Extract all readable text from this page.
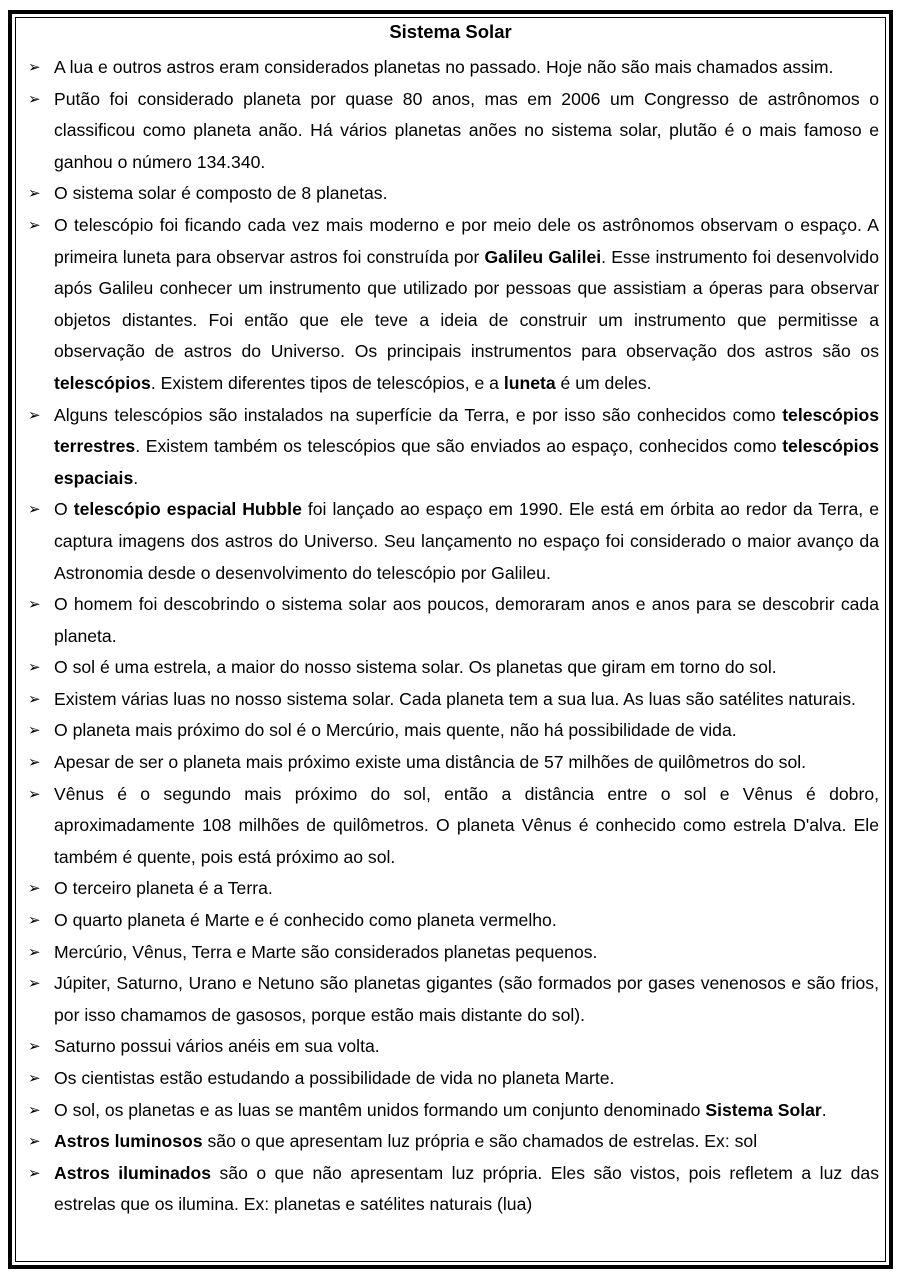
Sistema Solar
➢ A lua e outros astros eram considerados planetas no passado. Hoje não são mais chamados assim.
➢ Putão foi considerado planeta por quase 80 anos, mas em 2006 um Congresso de astrônomos o classificou como planeta anão. Há vários planetas anões no sistema solar, plutão é o mais famoso e ganhou o número 134.340.
➢ O sistema solar é composto de 8 planetas.
➢ O telescópio foi ficando cada vez mais moderno e por meio dele os astrônomos observam o espaço. A primeira luneta para observar astros foi construída por Galileu Galilei. Esse instrumento foi desenvolvido após Galileu conhecer um instrumento que utilizado por pessoas que assistiam a óperas para observar objetos distantes. Foi então que ele teve a ideia de construir um instrumento que permitisse a observação de astros do Universo. Os principais instrumentos para observação dos astros são os telescópios. Existem diferentes tipos de telescópios, e a luneta é um deles.
➢ Alguns telescópios são instalados na superfície da Terra, e por isso são conhecidos como telescópios terrestres. Existem também os telescópios que são enviados ao espaço, conhecidos como telescópios espaciais.
➢ O telescópio espacial Hubble foi lançado ao espaço em 1990. Ele está em órbita ao redor da Terra, e captura imagens dos astros do Universo. Seu lançamento no espaço foi considerado o maior avanço da Astronomia desde o desenvolvimento do telescópio por Galileu.
➢ O homem foi descobrindo o sistema solar aos poucos, demoraram anos e anos para se descobrir cada planeta.
➢ O sol é uma estrela, a maior do nosso sistema solar. Os planetas que giram em torno do sol.
➢ Existem várias luas no nosso sistema solar. Cada planeta tem a sua lua. As luas são satélites naturais.
➢ O planeta mais próximo do sol é o Mercúrio, mais quente, não há possibilidade de vida.
➢ Apesar de ser o planeta mais próximo existe uma distância de 57 milhões de quilômetros do sol.
➢ Vênus é o segundo mais próximo do sol, então a distância entre o sol e Vênus é dobro, aproximadamente 108 milhões de quilômetros. O planeta Vênus é conhecido como estrela D'alva. Ele também é quente, pois está próximo ao sol.
➢ O terceiro planeta é a Terra.
➢ O quarto planeta é Marte e é conhecido como planeta vermelho.
➢ Mercúrio, Vênus, Terra e Marte são considerados planetas pequenos.
➢ Júpiter, Saturno, Urano e Netuno são planetas gigantes (são formados por gases venenosos e são frios, por isso chamamos de gasosos, porque estão mais distante do sol).
➢ Saturno possui vários anéis em sua volta.
➢ Os cientistas estão estudando a possibilidade de vida no planeta Marte.
➢ O sol, os planetas e as luas se mantêm unidos formando um conjunto denominado Sistema Solar.
➢ Astros luminosos são o que apresentam luz própria e são chamados de estrelas. Ex: sol
➢ Astros iluminados são o que não apresentam luz própria. Eles são vistos, pois refletem a luz das estrelas que os ilumina. Ex: planetas e satélites naturais (lua)
